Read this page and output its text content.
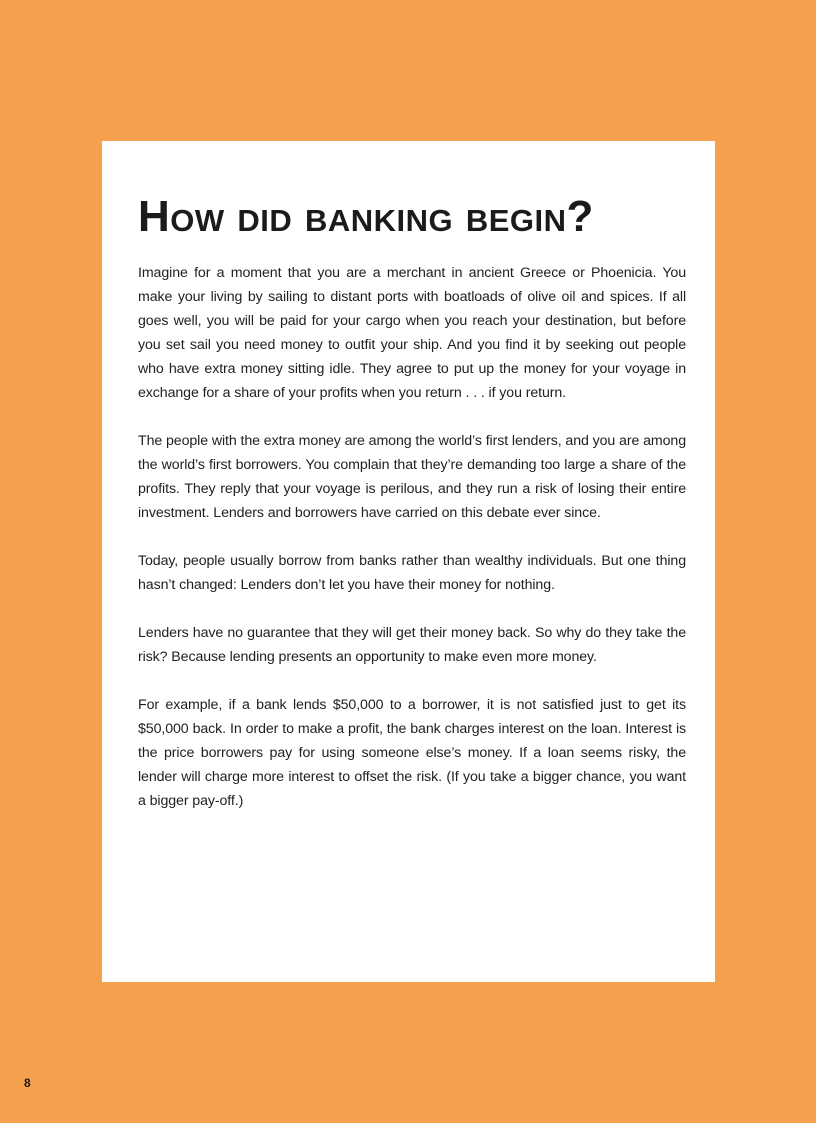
How did banking begin?

Imagine for a moment that you are a merchant in ancient Greece or Phoenicia. You make your living by sailing to distant ports with boatloads of olive oil and spices. If all goes well, you will be paid for your cargo when you reach your destination, but before you set sail you need money to outfit your ship. And you find it by seeking out people who have extra money sitting idle. They agree to put up the money for your voyage in exchange for a share of your profits when you return . . . if you return.

The people with the extra money are among the world’s first lenders, and you are among the world’s first borrowers. You complain that they’re demanding too large a share of the profits. They reply that your voyage is perilous, and they run a risk of losing their entire investment. Lenders and borrowers have carried on this debate ever since.

Today, people usually borrow from banks rather than wealthy individuals. But one thing hasn’t changed: Lenders don’t let you have their money for nothing.

Lenders have no guarantee that they will get their money back. So why do they take the risk? Because lending presents an opportunity to make even more money.

For example, if a bank lends $50,000 to a borrower, it is not satisfied just to get its $50,000 back. In order to make a profit, the bank charges interest on the loan. Interest is the price borrowers pay for using someone else’s money. If a loan seems risky, the lender will charge more interest to offset the risk. (If you take a bigger chance, you want a bigger pay-off.)

8
